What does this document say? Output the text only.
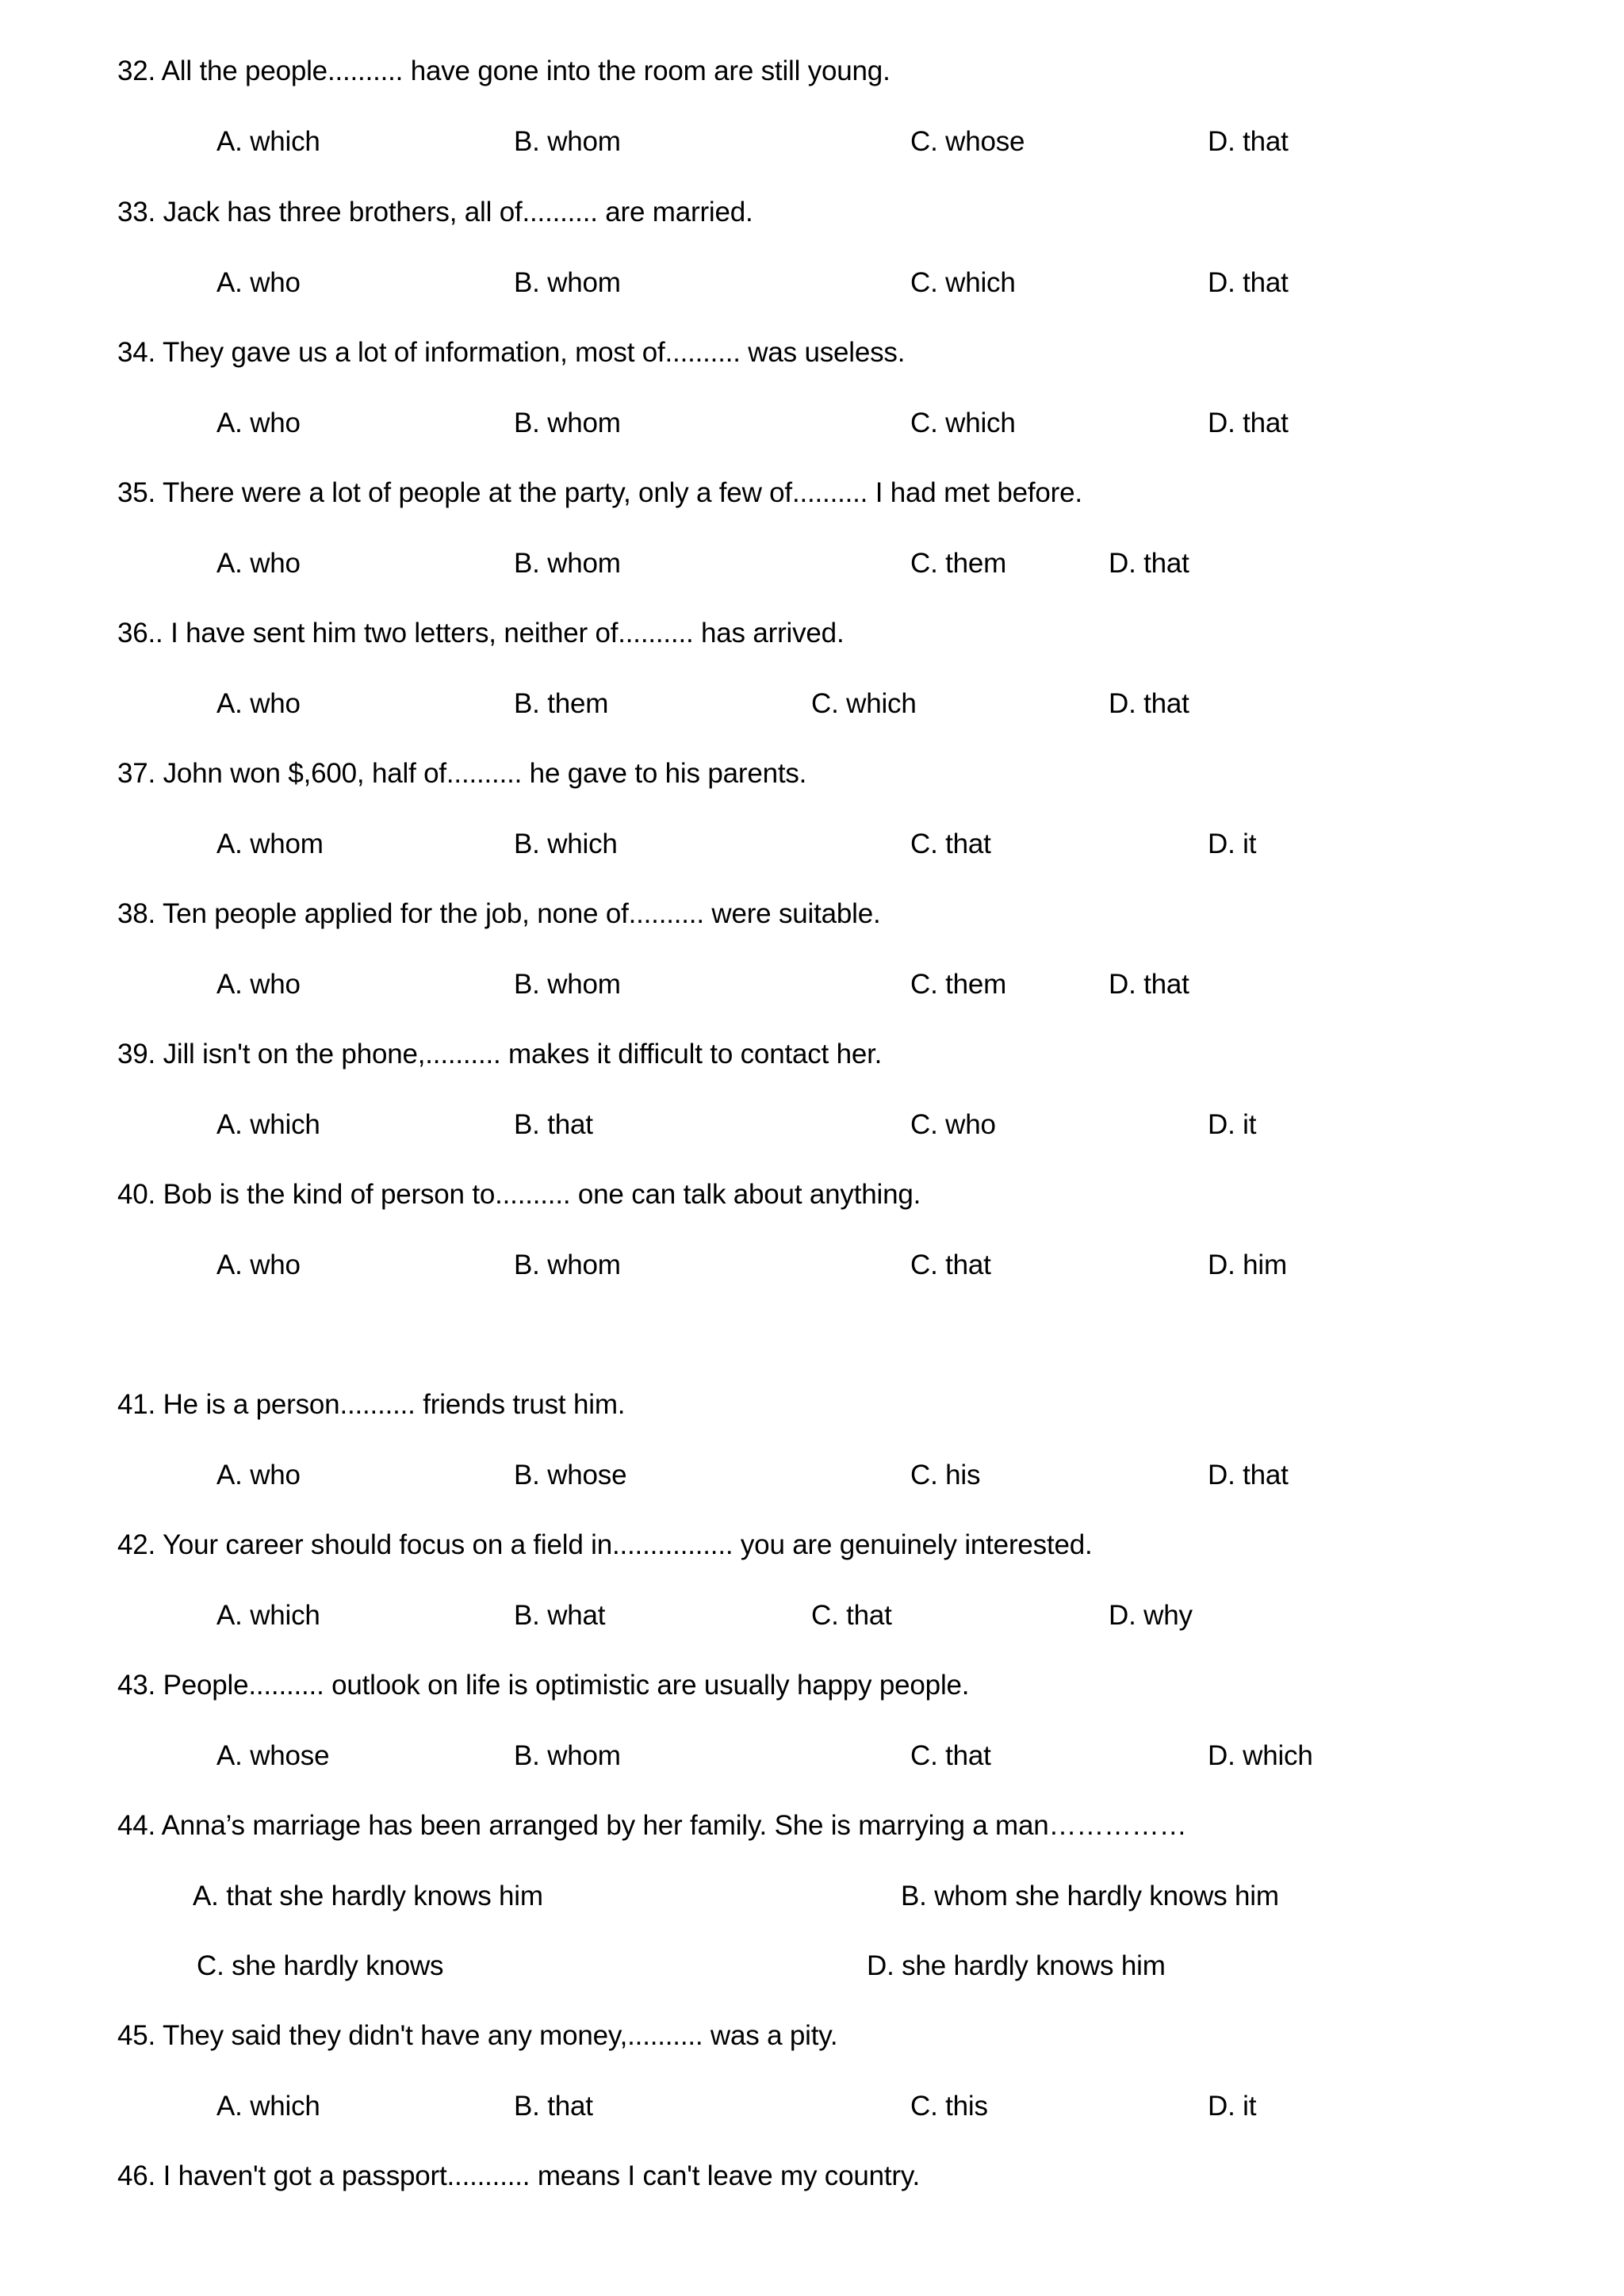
32. All the people.......... have gone into the room are still young.
A. which	B. whom	C. whose	D. that
33. Jack has three brothers, all of.......... are married.
A. who	B. whom	C. which	D. that
34. They gave us a lot of information, most of.......... was useless.
A. who	B. whom	C. which	D. that
35. There were a lot of people at the party, only a few of.......... I had met before.
A. who	B. whom	C. them	D. that
36.. I have sent him two letters, neither of.......... has arrived.
A. who	B. them	C. which	D. that
37. John won $,600, half of.......... he gave to his parents.
A. whom	B. which	C. that	D. it
38. Ten people applied for the job, none of.......... were suitable.
A. who	B. whom	C. them	D. that
39. Jill isn't on the phone,.......... makes it difficult to contact her.
A. which	B. that	C. who	D. it
40. Bob is the kind of person to.......... one can talk about anything.
A. who	B. whom	C. that	D. him
41. He is a person.......... friends trust him.
A. who	B. whose	C. his	D. that
42. Your career should focus on a field in................ you are genuinely interested.
A. which	B. what	C. that	D. why
43. People.......... outlook on life is optimistic are usually happy people.
A. whose	B. whom	C. that	D. which
44. Anna’s marriage has been arranged by her family. She is marrying a man……………
A. that she hardly knows him	B. whom she hardly knows him
C. she hardly knows	D. she hardly knows him
45. They said they didn't have any money,.......... was a pity.
A. which	B. that	C. this	D. it
46. I haven't got a passport........... means I can't leave my country.
